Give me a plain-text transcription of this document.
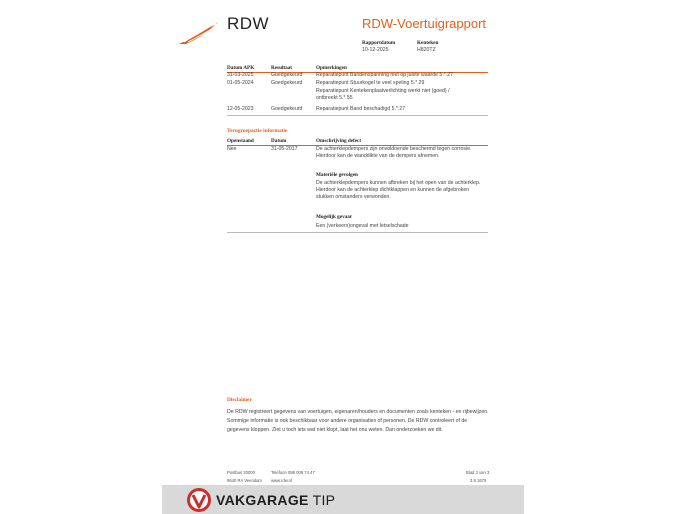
RDW	RDW-Voertuigrapport
Rapportdatum	Kenteken
10-12-2025	H820TZ
Datum APK	Resultaat	Opmerkingen
31-03-2025	Goedgekeurd	Reparatiepunt Bandenspanning niet op juiste waarde 5.*.27
01-05-2024	Goedgekeurd	Reparatiepunt Stuurkogel te veel speling 5.*.29
Reparatiepunt Kentekenplaatverlichting werkt niet (goed) / ontbreekt 5.*.55
12-05-2023	Goedgekeurd	Reparatiepunt Band beschadigd 5.*.27
Terugroepactie informatie
Openstaand	Datum	Omschrijving defect
Nee	31-05-2017	De achterklepdempers zijn onvoldoende beschermd tegen corrosie. Hierdoor kan de wanddikte van de dempers afnemen.
Materiële gevolgen
De achterklepdempers kunnen afbreken bij het open van de achterklep. Hierdoor kan de achterklep dichtklappen en kunnen de afgebroken stukken omstanders verwonden.
Mogelijk gevaar
Een (verkeers)ongeval met letselschade
Disclaimer
De RDW registreert gegevens van voertuigen, eigenaren/houders en documenten zoals kenteken - en rijbewijzen. Sommige informatie is ook beschikbaar voor andere organisaties of personen. De RDW controleert of de gegevens kloppen. Ziet u toch iets wat niet klopt, laat het ons weten. Dan onderzoeken we dit.
Postbus 30000	Telefoon 088 008 74 47	Blad 3 van 3
9640 RA Veendam www.rdw.nl	3.9.1679
VAKGARAGE TIP
